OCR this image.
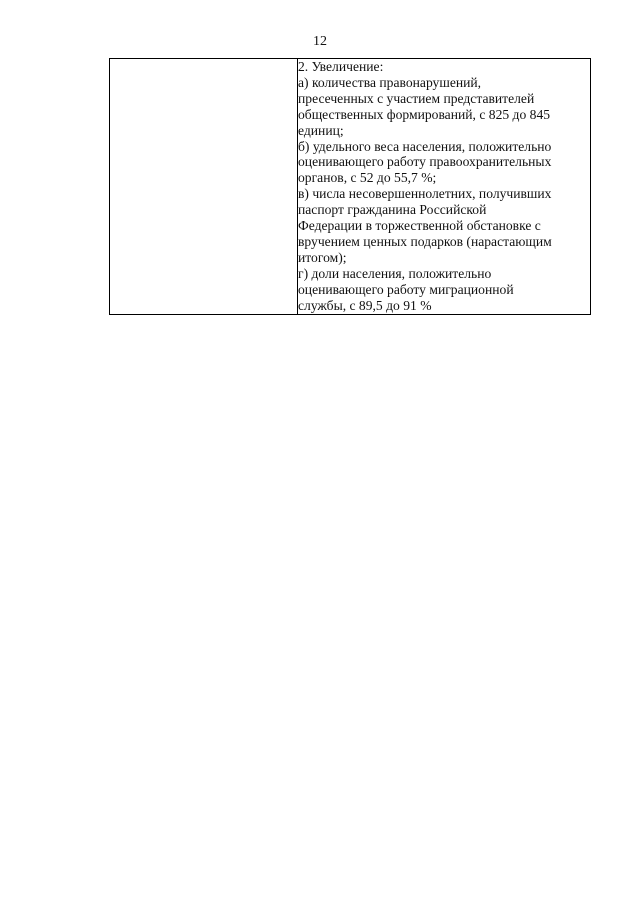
12

2. Увеличение:
а) количества правонарушений,
пресеченных с участием представителей
общественных формирований, с 825 до 845
единиц;
б) удельного веса населения, положительно
оценивающего работу правоохранительных
органов, с 52 до 55,7 %;
в) числа несовершеннолетних, получивших
паспорт гражданина Российской
Федерации в торжественной обстановке с
вручением ценных подарков (нарастающим
итогом);
г) доли населения, положительно
оценивающего работу миграционной
службы, с 89,5 до 91 %
